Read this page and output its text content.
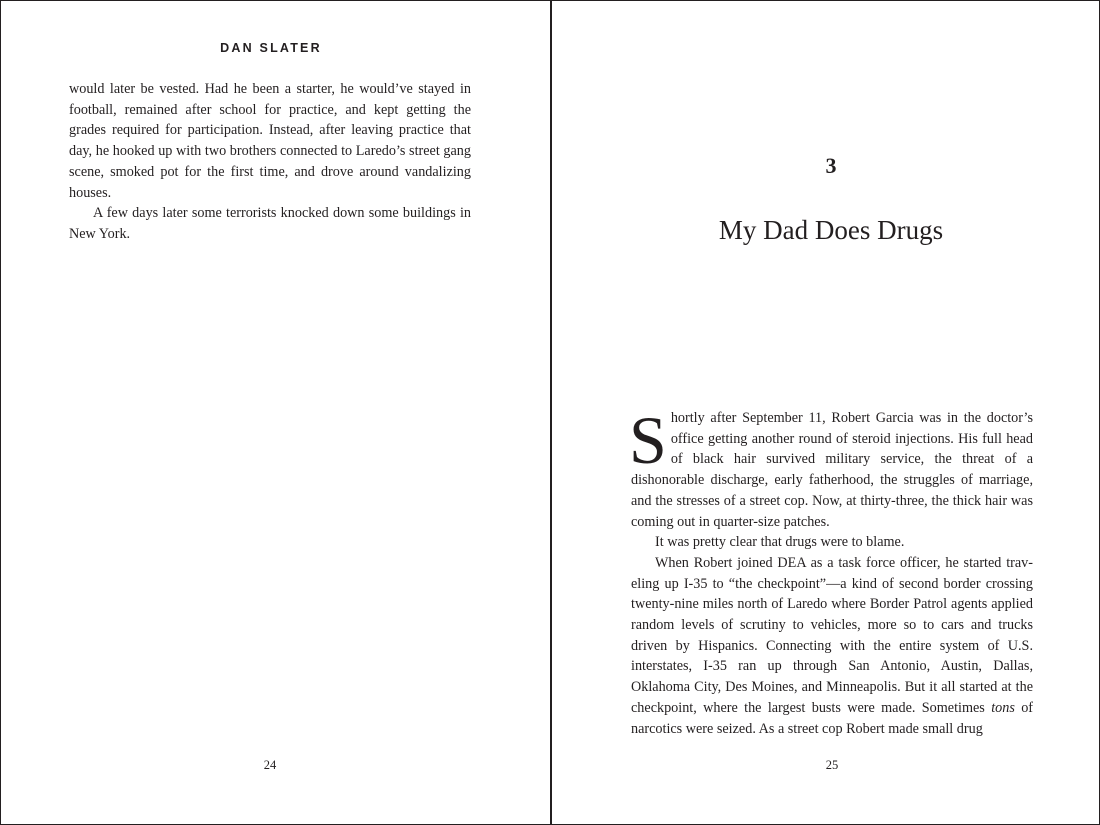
DAN SLATER

would later be vested. Had he been a starter, he would’ve stayed in football, remained after school for practice, and kept getting the grades required for participation. Instead, after leaving practice that day, he hooked up with two brothers connected to Laredo’s street gang scene, smoked pot for the first time, and drove around vandalizing houses.

A few days later some terrorists knocked down some buildings in New York.

24
3
My Dad Does Drugs

Shortly after September 11, Robert Garcia was in the doctor’s office getting another round of steroid injections. His full head of black hair survived military service, the threat of a dishonorable discharge, early fatherhood, the struggles of marriage, and the stresses of a street cop. Now, at thirty-three, the thick hair was coming out in quarter-size patches.

It was pretty clear that drugs were to blame.

When Robert joined DEA as a task force officer, he started traveling up I-35 to “the checkpoint”—a kind of second border crossing twenty-nine miles north of Laredo where Border Patrol agents applied random levels of scrutiny to vehicles, more so to cars and trucks driven by Hispanics. Connecting with the entire system of U.S. interstates, I-35 ran up through San Antonio, Austin, Dallas, Oklahoma City, Des Moines, and Minneapolis. But it all started at the checkpoint, where the largest busts were made. Sometimes tons of narcotics were seized. As a street cop Robert made small drug

25
